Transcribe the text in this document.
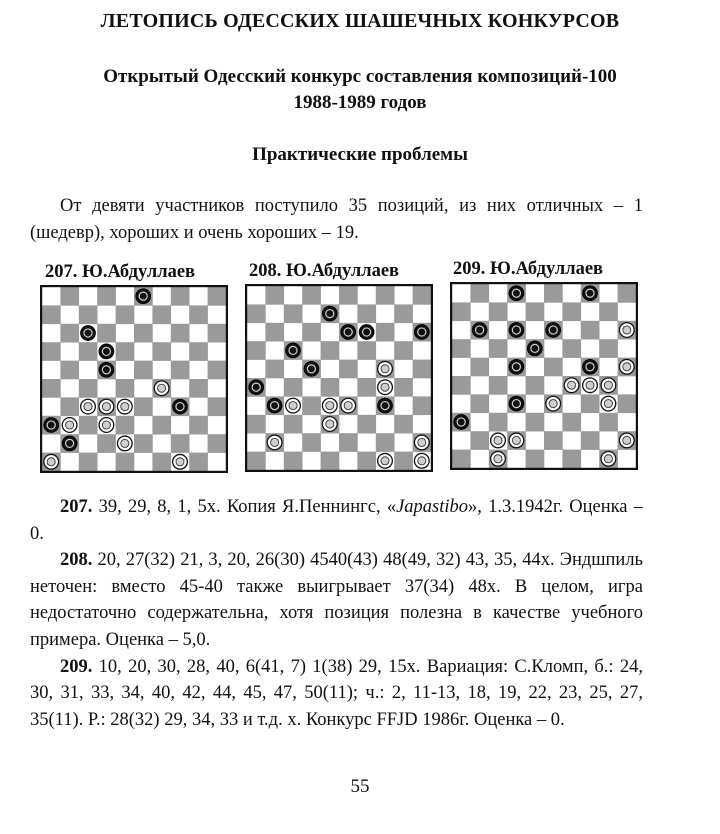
ЛЕТОПИСЬ ОДЕССКИХ ШАШЕЧНЫХ КОНКУРСОВ
Открытый Одесский конкурс составления композиций-100
1988-1989 годов
Практические проблемы
От девяти участников поступило 35 позиций, из них отличных – 1 (шедевр), хороших и очень хороших – 19.
207. Ю.Абдуллаев	208. Ю.Абдуллаев	209. Ю.Абдуллаев

207. 39, 29, 8, 1, 5х. Копия Я.Пеннингс, «Japastibo», 1.3.1942г. Оценка – 0.

208. 20, 27(32) 21, 3, 20, 26(30) 4540(43) 48(49, 32) 43, 35, 44х. Эндшпиль неточен: вместо 45-40 также выигрывает 37(34) 48х. В целом, игра недостаточно содержательна, хотя позиция полезна в качестве учебного примера. Оценка – 5,0.

209. 10, 20, 30, 28, 40, 6(41, 7) 1(38) 29, 15х. Вариация: С.Кломп, б.: 24, 30, 31, 33, 34, 40, 42, 44, 45, 47, 50(11); ч.: 2, 11-13, 18, 19, 22, 23, 25, 27, 35(11). Р.: 28(32) 29, 34, 33 и т.д. х. Конкурс FFJD 1986г. Оценка – 0.

55
